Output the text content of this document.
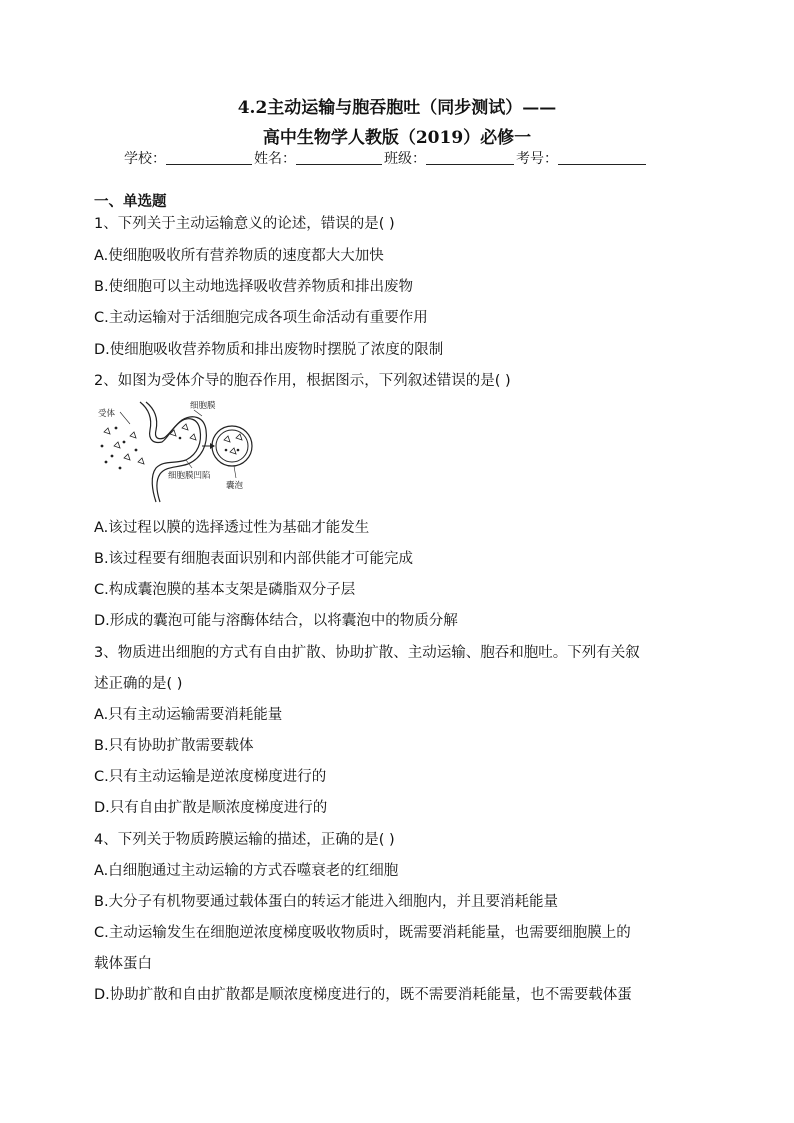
4.2主动运输与胞吞胞吐（同步测试）——
高中生物学人教版（2019）必修一
学校：	姓名：	班级：	考号：
一、单选题
1、下列关于主动运输意义的论述，错误的是( )
A.使细胞吸收所有营养物质的速度都大大加快
B.使细胞可以主动地选择吸收营养物质和排出废物
C.主动运输对于活细胞完成各项生命活动有重要作用
D.使细胞吸收营养物质和排出废物时摆脱了浓度的限制
2、如图为受体介导的胞吞作用，根据图示，下列叙述错误的是( )
受体
细胞膜
细胞膜凹陷
囊泡
A.该过程以膜的选择透过性为基础才能发生
B.该过程要有细胞表面识别和内部供能才可能完成
C.构成囊泡膜的基本支架是磷脂双分子层
D.形成的囊泡可能与溶酶体结合，以将囊泡中的物质分解
3、物质进出细胞的方式有自由扩散、协助扩散、主动运输、胞吞和胞吐。下列有关叙
述正确的是( )
A.只有主动运输需要消耗能量
B.只有协助扩散需要载体
C.只有主动运输是逆浓度梯度进行的
D.只有自由扩散是顺浓度梯度进行的
4、下列关于物质跨膜运输的描述，正确的是( )
A.白细胞通过主动运输的方式吞噬衰老的红细胞
B.大分子有机物要通过载体蛋白的转运才能进入细胞内，并且要消耗能量
C.主动运输发生在细胞逆浓度梯度吸收物质时，既需要消耗能量，也需要细胞膜上的
载体蛋白
D.协助扩散和自由扩散都是顺浓度梯度进行的，既不需要消耗能量，也不需要载体蛋
